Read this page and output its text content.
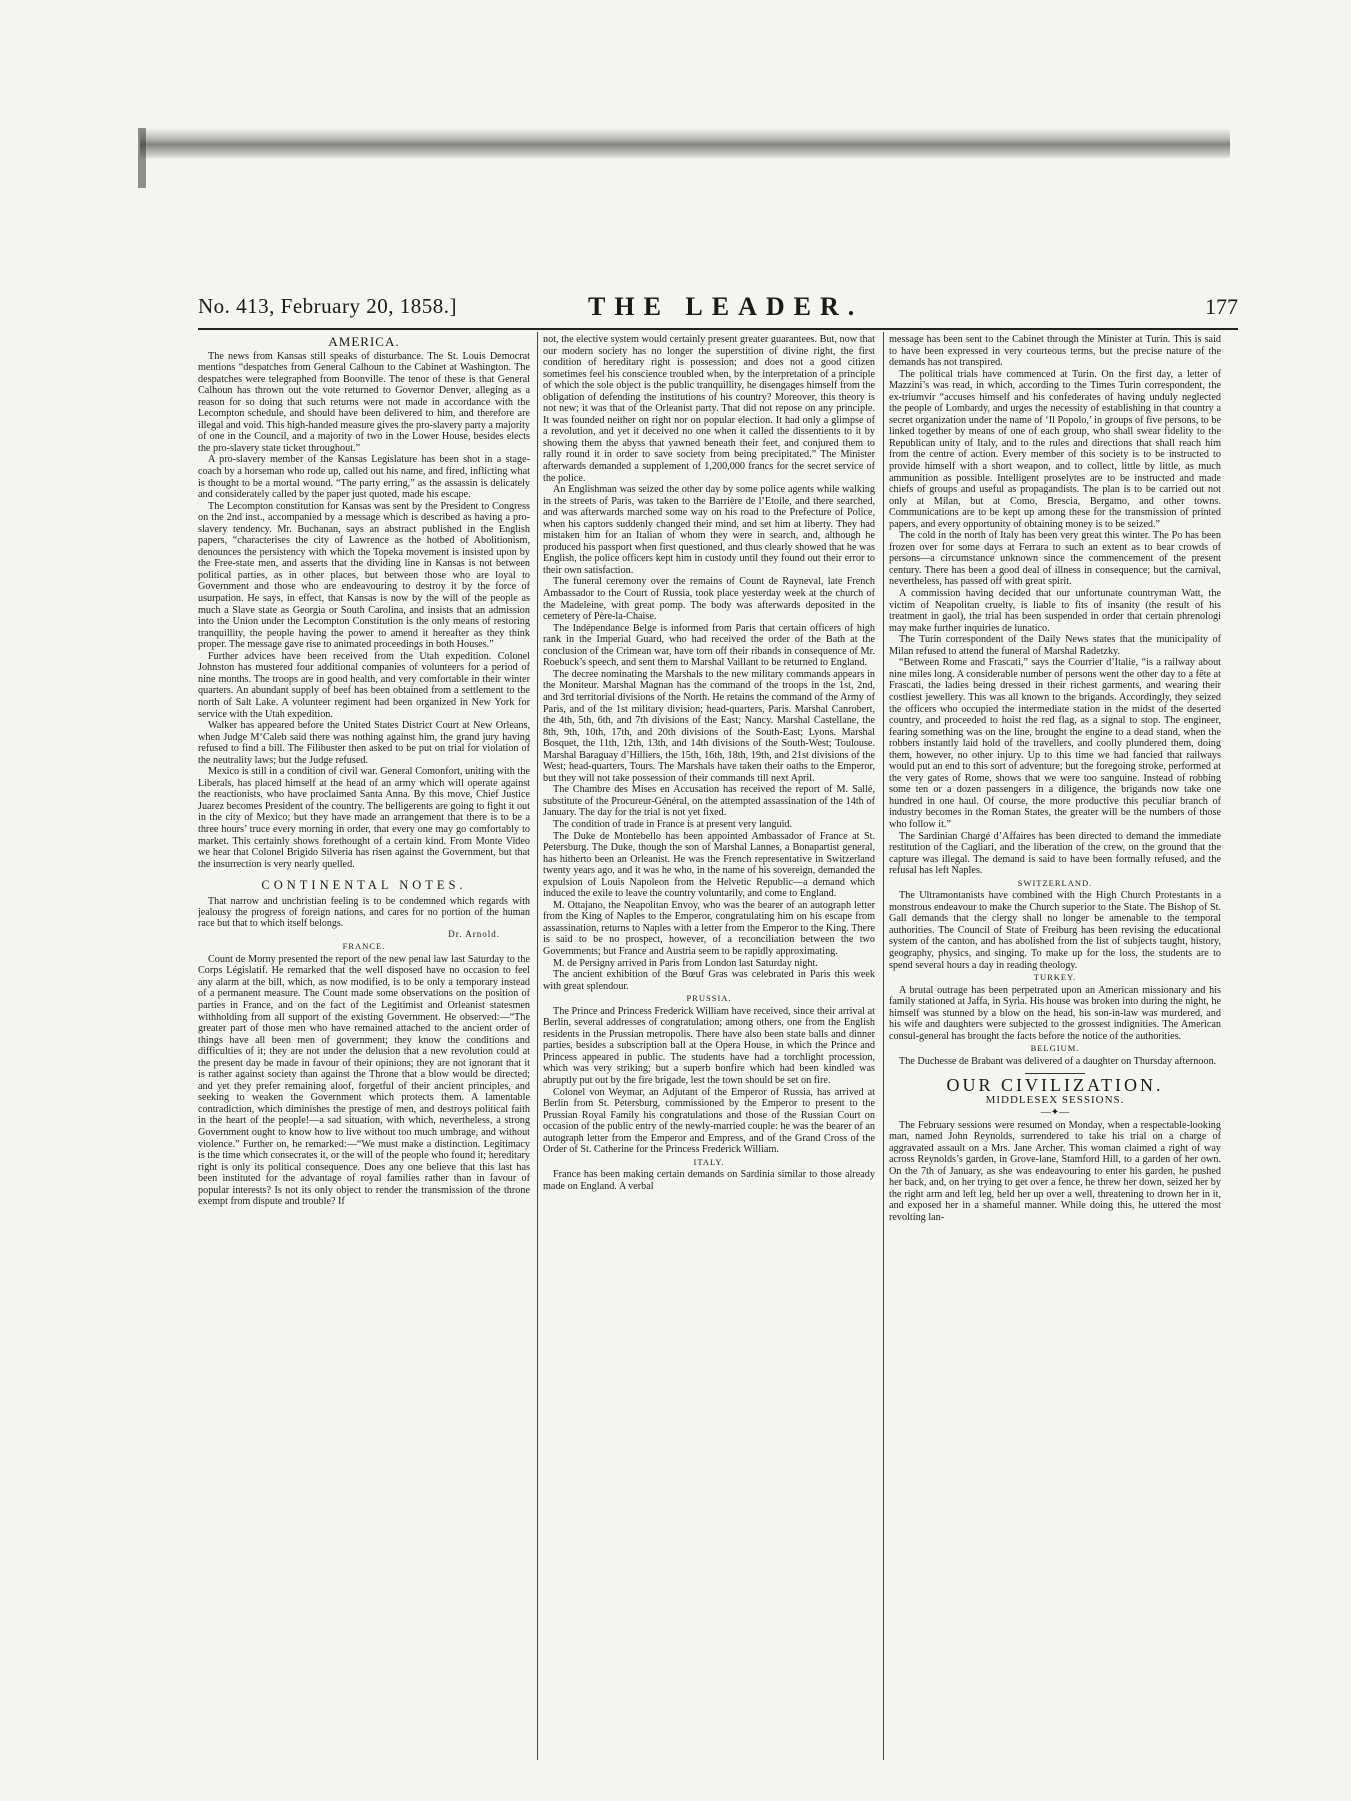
No. 413, February 20, 1858.]	THE LEADER.	177
AMERICA.

The news from Kansas still speaks of disturbance. The St. Louis Democrat mentions “despatches from General Calhoun to the Cabinet at Washington. The despatches were telegraphed from Boonville. The tenor of these is that General Calhoun has thrown out the vote returned to Governor Denver, alleging as a reason for so doing that such returns were not made in accordance with the Lecompton schedule, and should have been delivered to him, and therefore are illegal and void. This high-handed measure gives the pro-slavery party a majority of one in the Council, and a majority of two in the Lower House, besides elects the pro-slavery state ticket throughout.”

A pro-slavery member of the Kansas Legislature has been shot in a stage-coach by a horseman who rode up, called out his name, and fired, inflicting what is thought to be a mortal wound. “The party erring,” as the assassin is delicately and considerately called by the paper just quoted, made his escape.

The Lecompton constitution for Kansas was sent by the President to Congress on the 2nd inst., accompanied by a message which is described as having a pro-slavery tendency. Mr. Buchanan, says an abstract published in the English papers, “characterises the city of Lawrence as the hotbed of Abolitionism, denounces the persistency with which the Topeka movement is insisted upon by the Free-state men, and asserts that the dividing line in Kansas is not between political parties, as in other places, but between those who are loyal to Government and those who are endeavouring to destroy it by the force of usurpation. He says, in effect, that Kansas is now by the will of the people as much a Slave state as Georgia or South Carolina, and insists that an admission into the Union under the Lecompton Constitution is the only means of restoring tranquillity, the people having the power to amend it hereafter as they think proper. The message gave rise to animated proceedings in both Houses.”

Further advices have been received from the Utah expedition. Colonel Johnston has mustered four additional companies of volunteers for a period of nine months. The troops are in good health, and very comfortable in their winter quarters. An abundant supply of beef has been obtained from a settlement to the north of Salt Lake. A volunteer regiment had been organized in New York for service with the Utah expedition.

Walker has appeared before the United States District Court at New Orleans, when Judge M‘Caleb said there was nothing against him, the grand jury having refused to find a bill. The Filibuster then asked to be put on trial for violation of the neutrality laws; but the Judge refused.

Mexico is still in a condition of civil war. General Comonfort, uniting with the Liberals, has placed himself at the head of an army which will operate against the reactionists, who have proclaimed Santa Anna. By this move, Chief Justice Juarez becomes President of the country. The belligerents are going to fight it out in the city of Mexico; but they have made an arrangement that there is to be a three hours’ truce every morning in order, that every one may go comfortably to market. This certainly shows forethought of a certain kind. From Monte Video we hear that Colonel Brigido Silveria has risen against the Government, but that the insurrection is very nearly quelled.

CONTINENTAL NOTES.

That narrow and unchristian feeling is to be condemned which regards with jealousy the progress of foreign nations, and cares for no portion of the human race but that to which itself belongs.

Dr. Arnold.
FRANCE.

Count de Morny presented the report of the new penal law last Saturday to the Corps Législatif. He remarked that the well disposed have no occasion to feel any alarm at the bill, which, as now modified, is to be only a temporary instead of a permanent measure. The Count made some observations on the position of parties in France, and on the fact of the Legitimist and Orleanist statesmen withholding from all support of the existing Government. He observed:—“The greater part of those men who have remained attached to the ancient order of things have all been men of government; they know the conditions and difficulties of it; they are not under the delusion that a new revolution could at the present day be made in favour of their opinions; they are not ignorant that it is rather against society than against the Throne that a blow would be directed; and yet they prefer remaining aloof, forgetful of their ancient principles, and seeking to weaken the Government which protects them. A lamentable contradiction, which diminishes the prestige of men, and destroys political faith in the heart of the people!—a sad situation, with which, nevertheless, a strong Government ought to know how to live without too much umbrage, and without violence.” Further on, he remarked:—“We must make a distinction. Legitimacy is the time which consecrates it, or the will of the people who found it; hereditary right is only its political consequence. Does any one believe that this last has been instituted for the advantage of royal families rather than in favour of popular interests? Is not its only object to render the transmission of the throne exempt from dispute and trouble? If

not, the elective system would certainly present greater guarantees. But, now that our modern society has no longer the superstition of divine right, the first condition of hereditary right is possession; and does not a good citizen sometimes feel his conscience troubled when, by the interpretation of a principle of which the sole object is the public tranquillity, he disengages himself from the obligation of defending the institutions of his country? Moreover, this theory is not new; it was that of the Orleanist party. That did not repose on any principle. It was founded neither on right nor on popular election. It had only a glimpse of a revolution, and yet it deceived no one when it called the dissentients to it by showing them the abyss that yawned beneath their feet, and conjured them to rally round it in order to save society from being precipitated.” The Minister afterwards demanded a supplement of 1,200,000 francs for the secret service of the police.

An Englishman was seized the other day by some police agents while walking in the streets of Paris, was taken to the Barrière de l’Etoile, and there searched, and was afterwards marched some way on his road to the Prefecture of Police, when his captors suddenly changed their mind, and set him at liberty. They had mistaken him for an Italian of whom they were in search, and, although he produced his passport when first questioned, and thus clearly showed that he was English, the police officers kept him in custody until they found out their error to their own satisfaction.

The funeral ceremony over the remains of Count de Rayneval, late French Ambassador to the Court of Russia, took place yesterday week at the church of the Madeleine, with great pomp. The body was afterwards deposited in the cemetery of Père-la-Chaise.

The Indépendance Belge is informed from Paris that certain officers of high rank in the Imperial Guard, who had received the order of the Bath at the conclusion of the Crimean war, have torn off their ribands in consequence of Mr. Roebuck’s speech, and sent them to Marshal Vaillant to be returned to England.

The decree nominating the Marshals to the new military commands appears in the Moniteur. Marshal Magnan has the command of the troops in the 1st, 2nd, and 3rd territorial divisions of the North. He retains the command of the Army of Paris, and of the 1st military division; head-quarters, Paris. Marshal Canrobert, the 4th, 5th, 6th, and 7th divisions of the East; Nancy. Marshal Castellane, the 8th, 9th, 10th, 17th, and 20th divisions of the South-East; Lyons. Marshal Bosquet, the 11th, 12th, 13th, and 14th divisions of the South-West; Toulouse. Marshal Baraguay d’Hilliers, the 15th, 16th, 18th, 19th, and 21st divisions of the West; head-quarters, Tours. The Marshals have taken their oaths to the Emperor, but they will not take possession of their commands till next April.

The Chambre des Mises en Accusation has received the report of M. Sallé, substitute of the Procureur-Général, on the attempted assassination of the 14th of January. The day for the trial is not yet fixed.

The condition of trade in France is at present very languid.

The Duke de Montebello has been appointed Ambassador of France at St. Petersburg. The Duke, though the son of Marshal Lannes, a Bonapartist general, has hitherto been an Orleanist. He was the French representative in Switzerland twenty years ago, and it was he who, in the name of his sovereign, demanded the expulsion of Louis Napoleon from the Helvetic Republic—a demand which induced the exile to leave the country voluntarily, and come to England.

M. Ottajano, the Neapolitan Envoy, who was the bearer of an autograph letter from the King of Naples to the Emperor, congratulating him on his escape from assassination, returns to Naples with a letter from the Emperor to the King. There is said to be no prospect, however, of a reconciliation between the two Governments; but France and Austria seem to be rapidly approximating.

M. de Persigny arrived in Paris from London last Saturday night.

The ancient exhibition of the Bœuf Gras was celebrated in Paris this week with great splendour.

PRUSSIA.

The Prince and Princess Frederick William have received, since their arrival at Berlin, several addresses of congratulation; among others, one from the English residents in the Prussian metropolis. There have also been state balls and dinner parties, besides a subscription ball at the Opera House, in which the Prince and Princess appeared in public. The students have had a torchlight procession, which was very striking; but a superb bonfire which had been kindled was abruptly put out by the fire brigade, lest the town should be set on fire.

Colonel von Weymar, an Adjutant of the Emperor of Russia, has arrived at Berlin from St. Petersburg, commissioned by the Emperor to present to the Prussian Royal Family his congratulations and those of the Russian Court on occasion of the public entry of the newly-married couple: he was the bearer of an autograph letter from the Emperor and Empress, and of the Grand Cross of the Order of St. Catherine for the Princess Frederick William.

ITALY.

France has been making certain demands on Sardinia similar to those already made on England. A verbal

message has been sent to the Cabinet through the Minister at Turin. This is said to have been expressed in very courteous terms, but the precise nature of the demands has not transpired.

The political trials have commenced at Turin. On the first day, a letter of Mazzini’s was read, in which, according to the Times Turin correspondent, the ex-triumvir “accuses himself and his confederates of having unduly neglected the people of Lombardy, and urges the necessity of establishing in that country a secret organization under the name of ‘Il Popolo,’ in groups of five persons, to be linked together by means of one of each group, who shall swear fidelity to the Republican unity of Italy, and to the rules and directions that shall reach him from the centre of action. Every member of this society is to be instructed to provide himself with a short weapon, and to collect, little by little, as much ammunition as possible. Intelligent proselytes are to be instructed and made chiefs of groups and useful as propagandists. The plan is to be carried out not only at Milan, but at Como, Brescia, Bergamo, and other towns. Communications are to be kept up among these for the transmission of printed papers, and every opportunity of obtaining money is to be seized.”

The cold in the north of Italy has been very great this winter. The Po has been frozen over for some days at Ferrara to such an extent as to bear crowds of persons—a circumstance unknown since the commencement of the present century. There has been a good deal of illness in consequence; but the carnival, nevertheless, has passed off with great spirit.

A commission having decided that our unfortunate countryman Watt, the victim of Neapolitan cruelty, is liable to fits of insanity (the result of his treatment in gaol), the trial has been suspended in order that certain phrenologi may make further inquiries de lunatico.

The Turin correspondent of the Daily News states that the municipality of Milan refused to attend the funeral of Marshal Radetzky.

“Between Rome and Frascati,” says the Courrier d’Italie, “is a railway about nine miles long. A considerable number of persons went the other day to a fête at Frascati, the ladies being dressed in their richest garments, and wearing their costliest jewellery. This was all known to the brigands. Accordingly, they seized the officers who occupied the intermediate station in the midst of the deserted country, and proceeded to hoist the red flag, as a signal to stop. The engineer, fearing something was on the line, brought the engine to a dead stand, when the robbers instantly laid hold of the travellers, and coolly plundered them, doing them, however, no other injury. Up to this time we had fancied that railways would put an end to this sort of adventure; but the foregoing stroke, performed at the very gates of Rome, shows that we were too sanguine. Instead of robbing some ten or a dozen passengers in a diligence, the brigands now take one hundred in one haul. Of course, the more productive this peculiar branch of industry becomes in the Roman States, the greater will be the numbers of those who follow it.”

The Sardinian Chargé d’Affaires has been directed to demand the immediate restitution of the Cagliari, and the liberation of the crew, on the ground that the capture was illegal. The demand is said to have been formally refused, and the refusal has left Naples.

SWITZERLAND.

The Ultramontanists have combined with the High Church Protestants in a monstrous endeavour to make the Church superior to the State. The Bishop of St. Gall demands that the clergy shall no longer be amenable to the temporal authorities. The Council of State of Freiburg has been revising the educational system of the canton, and has abolished from the list of subjects taught, history, geography, physics, and singing. To make up for the loss, the students are to spend several hours a day in reading theology.

TURKEY.

A brutal outrage has been perpetrated upon an American missionary and his family stationed at Jaffa, in Syria. His house was broken into during the night, he himself was stunned by a blow on the head, his son-in-law was murdered, and his wife and daughters were subjected to the grossest indignities. The American consul-general has brought the facts before the notice of the authorities.

BELGIUM.

The Duchesse de Brabant was delivered of a daughter on Thursday afternoon.

OUR CIVILIZATION.
MIDDLESEX SESSIONS.
—✦—

The February sessions were resumed on Monday, when a respectable-looking man, named John Reynolds, surrendered to take his trial on a charge of aggravated assault on a Mrs. Jane Archer. This woman claimed a right of way across Reynolds’s garden, in Grove-lane, Stamford Hill, to a garden of her own. On the 7th of January, as she was endeavouring to enter his garden, he pushed her back, and, on her trying to get over a fence, he threw her down, seized her by the right arm and left leg, held her up over a well, threatening to drown her in it, and exposed her in a shameful manner. While doing this, he uttered the most revolting lan-
